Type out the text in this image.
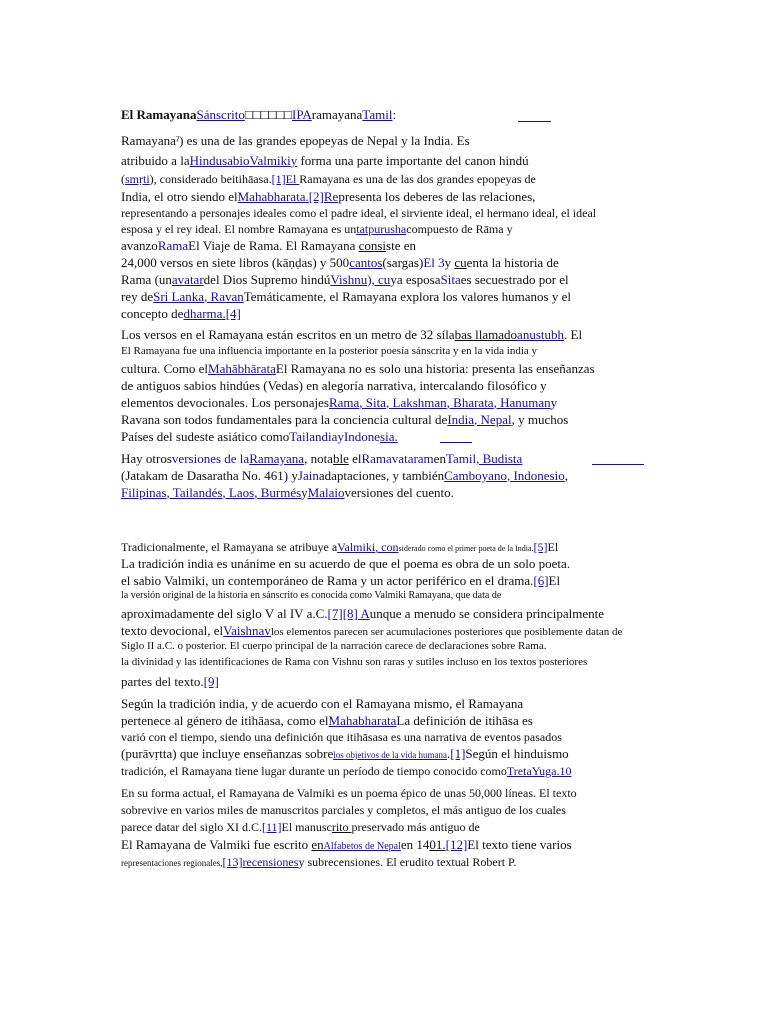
El RamayanaSánscrito□□□□□□IPAramayanaTamil:
Ramayanaˀ) es una de las grandes epopeyas de Nepal y la India. Es
atribuido a laHindusabioValmikiy forma una parte importante del canon hindú
(smṛti), considerado beitihāasa.[1]El Ramayana es una de las dos grandes epopeyas de
India, el otro siendo elMahabharata.[2]Representa los deberes de las relaciones,
representando a personajes ideales como el padre ideal, el sirviente ideal, el hermano ideal, el ideal
esposa y el rey ideal. El nombre Ramayana es untatpurushacompuesto de Rāma y
avanzoRamaEl Viaje de Rama. El Ramayana consiste en
24,000 versos en siete libros (kāṇḍas) y 500cantos(sargas)El 3y cuenta la historia de
Rama (unavatardel Dios Supremo hindúVishnu), cuya esposaSitaes secuestrado por el
rey deSri Lanka, RavanTemáticamente, el Ramayana explora los valores humanos y el
concepto dedharma.[4]
Los versos en el Ramayana están escritos en un metro de 32 sílabas llamadoanustubh. El
El Ramayana fue una influencia importante en la posterior poesía sánscrita y en la vida india y
cultura. Como elMahābhārataEl Ramayana no es solo una historia: presenta las enseñanzas
de antiguos sabios hindúes (Vedas) en alegoría narrativa, intercalando filosófico y
elementos devocionales. Los personajesRama, Sita, Lakshman, Bharata, Hanumany
Ravana son todos fundamentales para la conciencia cultural deIndia, Nepal, y muchos
Países del sudeste asiático comoTailandiayIndonesia.
Hay otrosversiones de laRamayana, notable elRamavataramenTamil, Budista
(Jatakam de Dasaratha No. 461) yJainadaptaciones, y tambiénCamboyano, Indonesio,
Filipinas, Tailandés, Laos, BurmésyMalaioversiones del cuento.
Tradicionalmente, el Ramayana se atribuye aValmiki, considerado como el primer poeta de la India.[5]El
La tradición india es unánime en su acuerdo de que el poema es obra de un solo poeta.
el sabio Valmiki, un contemporáneo de Rama y un actor periférico en el drama.[6]El
la versión original de la historia en sánscrito es conocida como Valmiki Ramayana, que data de
aproximadamente del siglo V al IV a.C.[7][8] Aunque a menudo se considera principalmente
texto devocional, elVaishnavlos elementos parecen ser acumulaciones posteriores que posiblemente datan de
Siglo II a.C. o posterior. El cuerpo principal de la narración carece de declaraciones sobre Rama.
la divinidad y las identificaciones de Rama con Vishnu son raras y sutiles incluso en los textos posteriores
partes del texto.[9]
Según la tradición india, y de acuerdo con el Ramayana mismo, el Ramayana
pertenece al género de itihāasa, como elMahabharataLa definición de itihāsa es
varió con el tiempo, siendo una definición que itihāsasa es una narrativa de eventos pasados
(purāvṛtta) que incluye enseñanzas sobrelos objetivos de la vida humana.[1]Según el hinduismo
tradición, el Ramayana tiene lugar durante un período de tiempo conocido comoTretaYuga.10
En su forma actual, el Ramayana de Valmiki es un poema épico de unas 50,000 líneas. El texto
sobrevive en varios miles de manuscritos parciales y completos, el más antiguo de los cuales
parece datar del siglo XI d.C.[11]El manuscrito preservado más antiguo de
El Ramayana de Valmiki fue escrito enAlfabetos de Nepalen 1401.[12]El texto tiene varios
representaciones regionales,[13]recensionesy subrecensiones. El erudito textual Robert P.
